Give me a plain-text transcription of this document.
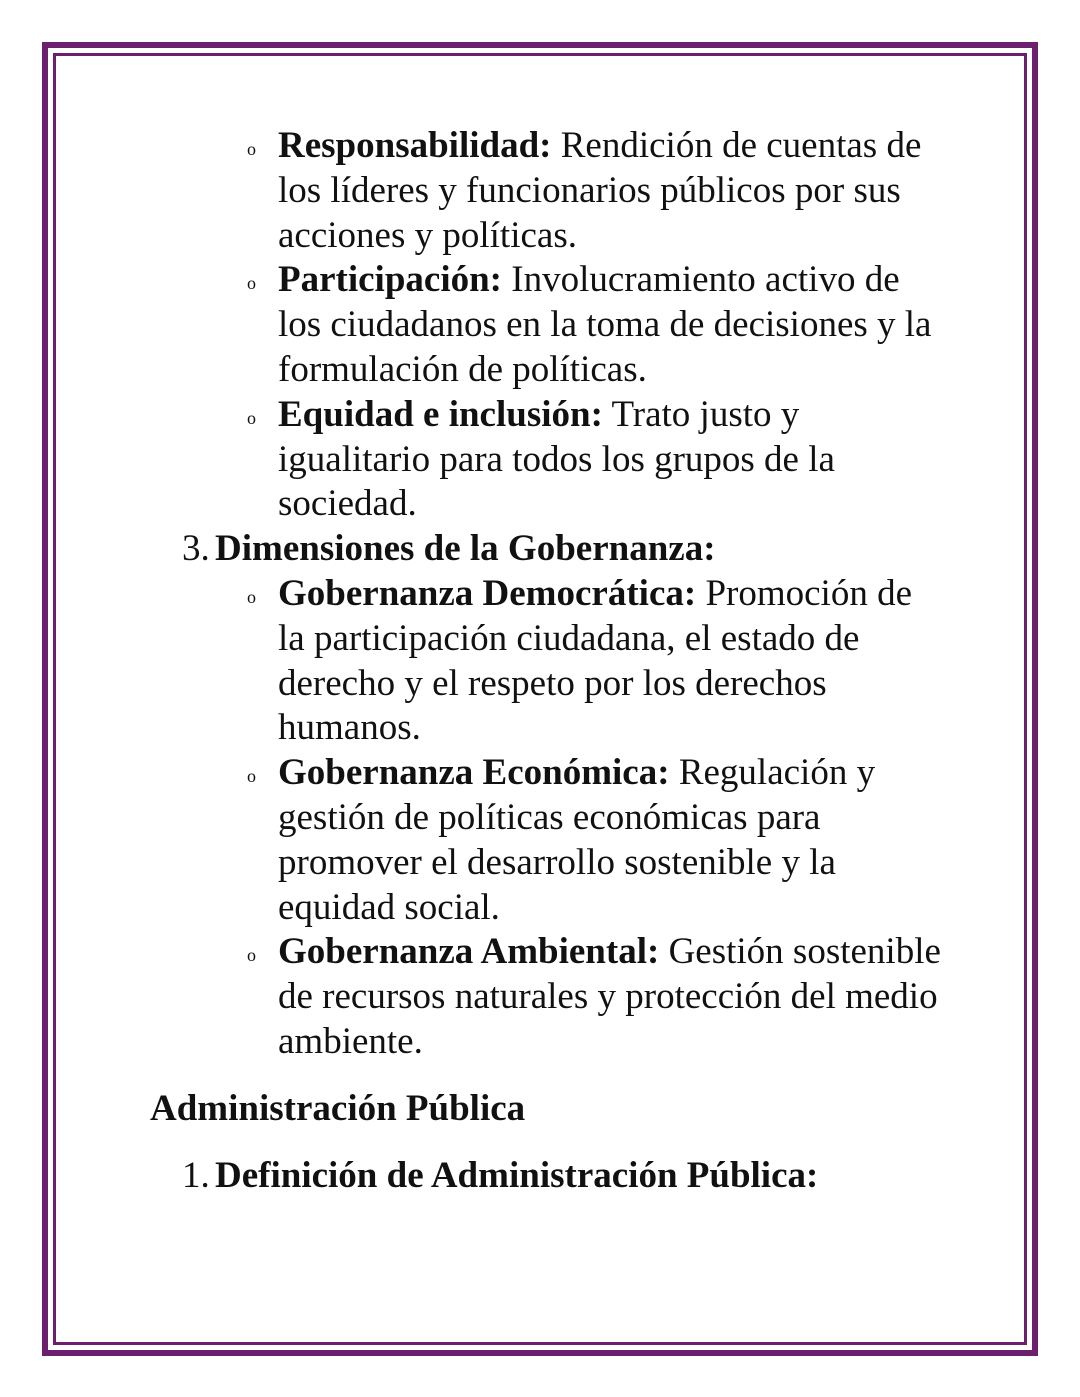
o Responsabilidad: Rendición de cuentas de los líderes y funcionarios públicos por sus acciones y políticas.
o Participación: Involucramiento activo de los ciudadanos en la toma de decisiones y la formulación de políticas.
o Equidad e inclusión: Trato justo y igualitario para todos los grupos de la sociedad.
3. Dimensiones de la Gobernanza:
o Gobernanza Democrática: Promoción de la participación ciudadana, el estado de derecho y el respeto por los derechos humanos.
o Gobernanza Económica: Regulación y gestión de políticas económicas para promover el desarrollo sostenible y la equidad social.
o Gobernanza Ambiental: Gestión sostenible de recursos naturales y protección del medio ambiente.
Administración Pública
1. Definición de Administración Pública:
